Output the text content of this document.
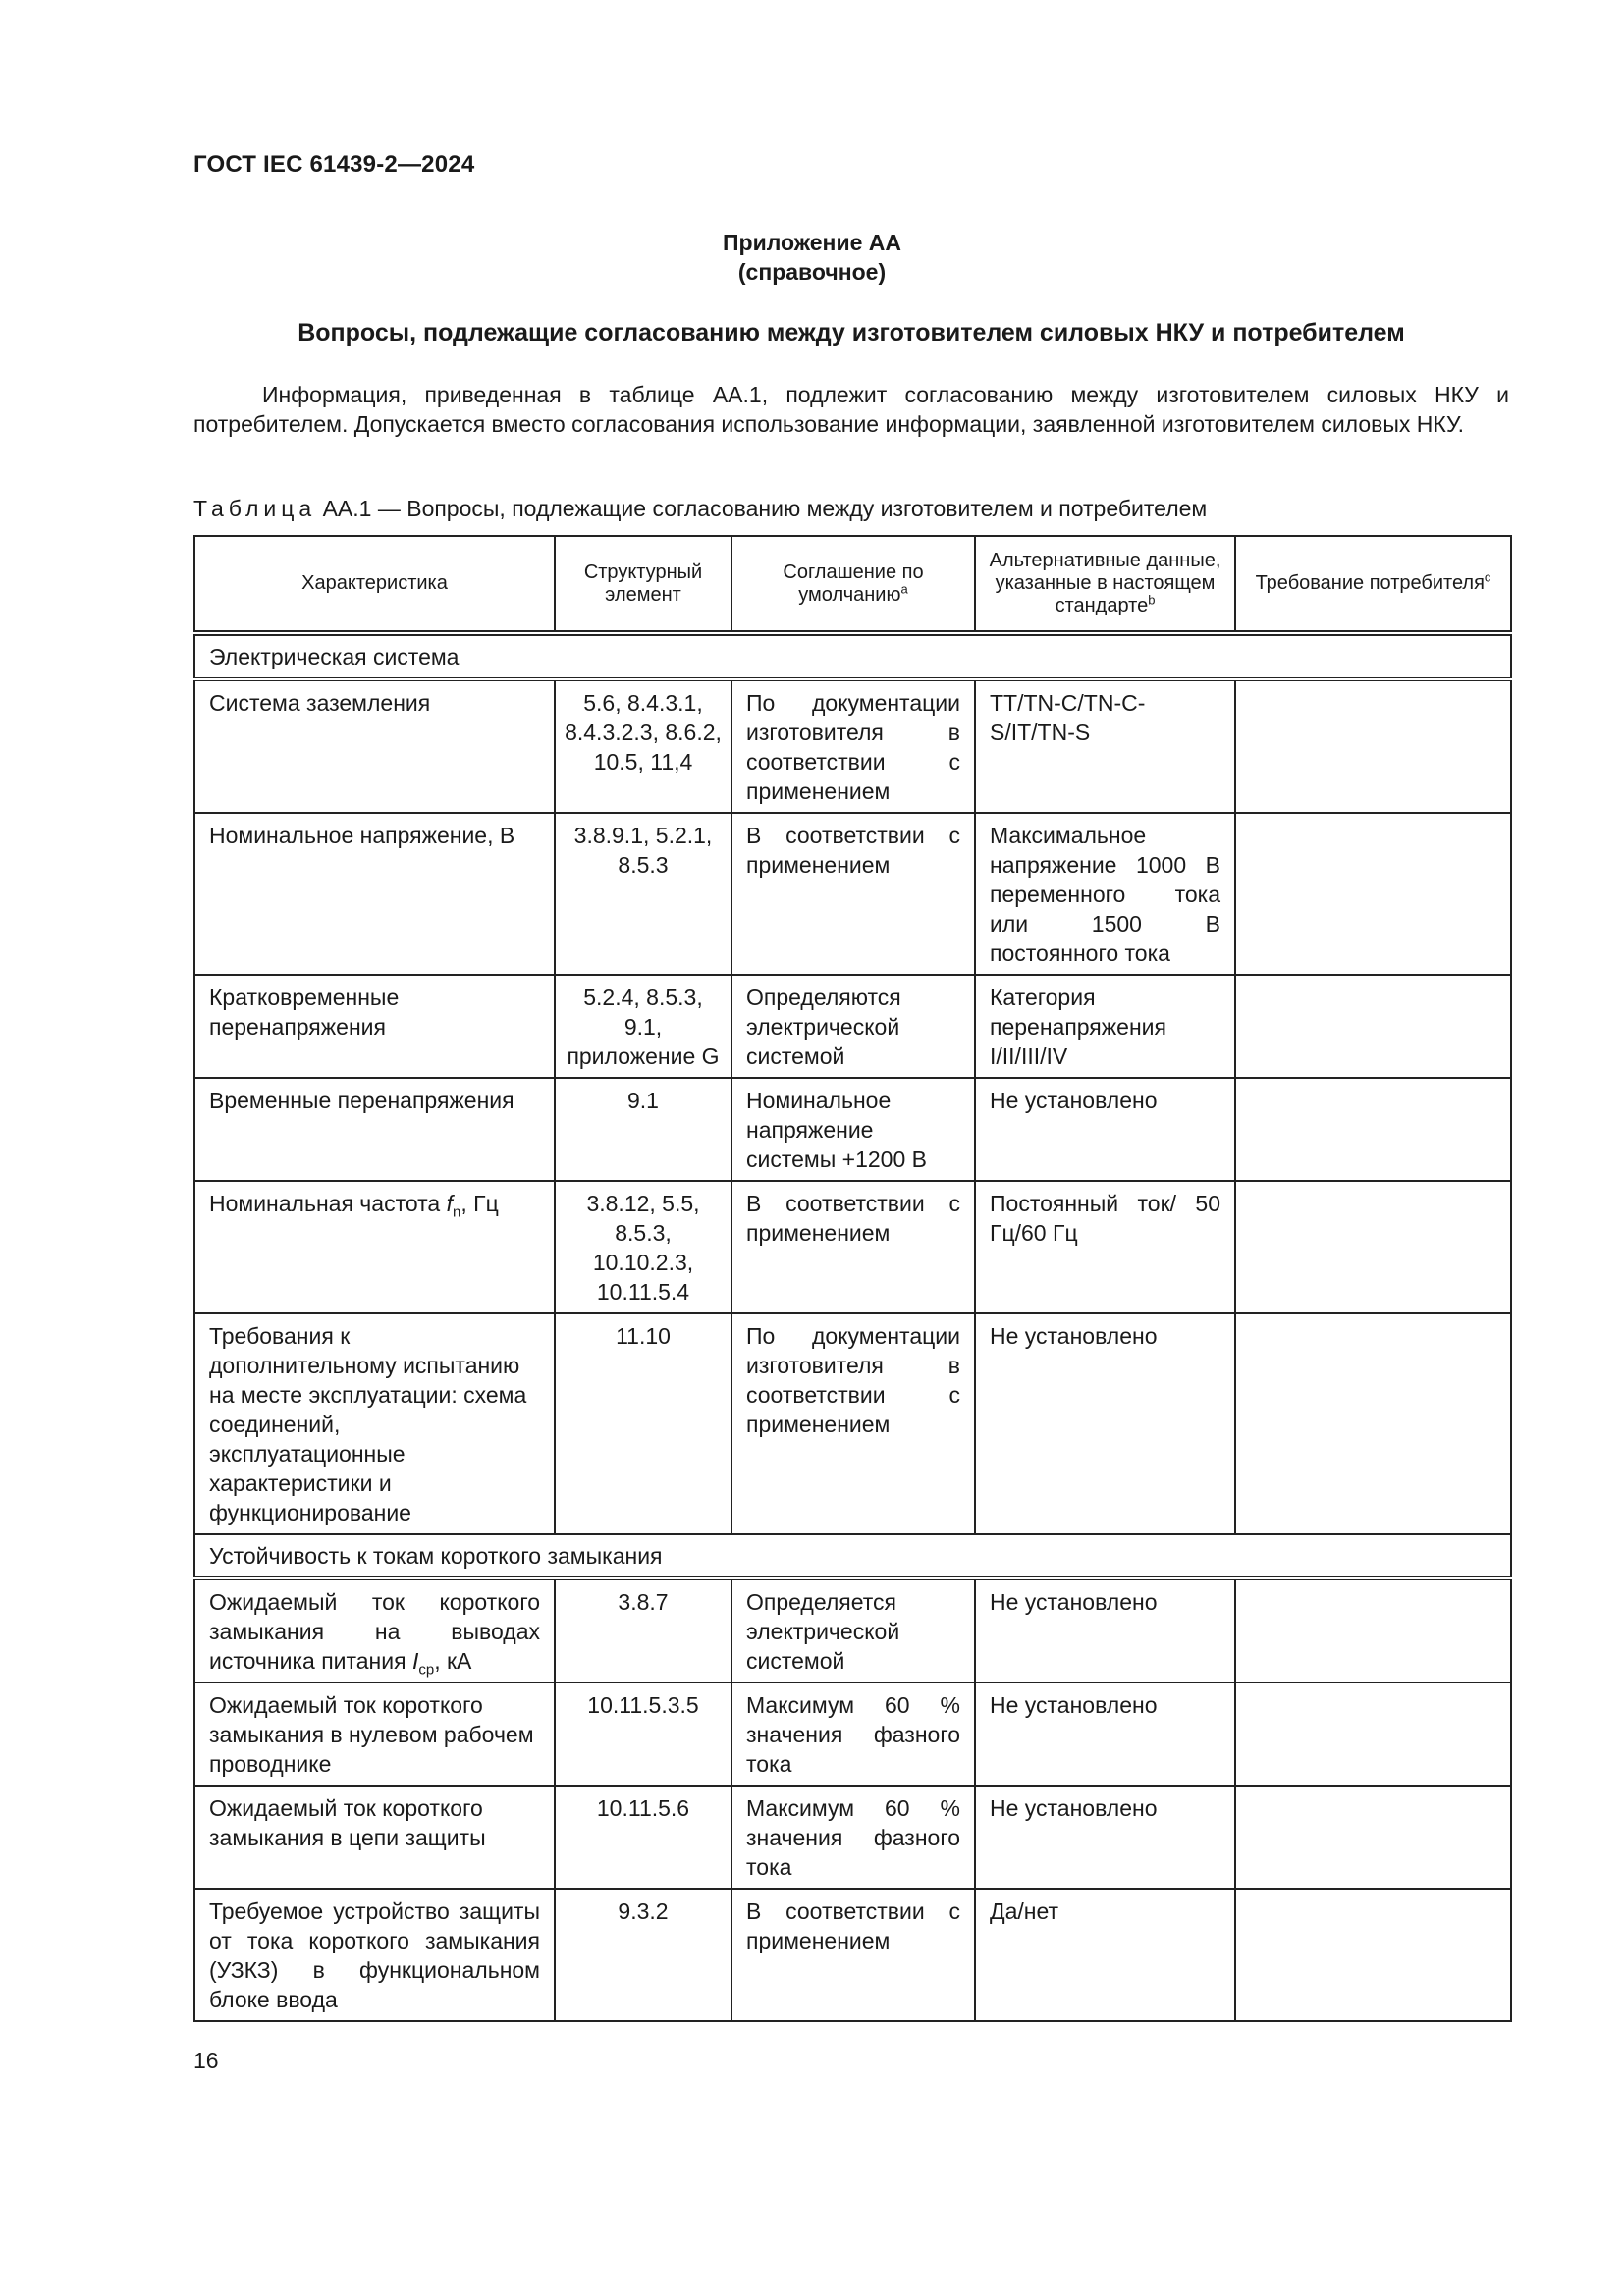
ГОСТ IEC 61439-2—2024
Приложение АА
(справочное)
Вопросы, подлежащие согласованию между изготовителем силовых НКУ и потребителем
Информация, приведенная в таблице АА.1, подлежит согласованию между изготовителем силовых НКУ и потребителем. Допускается вместо согласования использование информации, заявленной изготовителем силовых НКУ.
Таблица АА.1 — Вопросы, подлежащие согласованию между изготовителем и потребителем
Характеристика	Структурный элемент	Соглашение по умолчанию$^a$	Альтернативные данные, указанные в настоящем стандарте$^b$	Требование потребителя$^c$
Электрическая система				
Система заземления	5.6, 8.4.3.1, 8.4.3.2.3, 8.6.2, 10.5, 11,4	По документации изготовителя в соответствии с применением	TT/TN-C/TN-C-S/IT/TN-S	
Номинальное напряжение, В	3.8.9.1, 5.2.1, 8.5.3	В соответствии с применением	Максимальное напряжение 1000 В переменного тока или 1500 В постоянного тока	
Кратковременные перенапряжения	5.2.4, 8.5.3, 9.1, приложение G	Определяются электрической системой	Категория перенапряжения I/II/III/IV	
Временные перенапряжения	9.1	Номинальное напряжение системы +1200 В	Не установлено	
Номинальная частота $f_n$, Гц	3.8.12, 5.5, 8.5.3, 10.10.2.3, 10.11.5.4	В соответствии с применением	Постоянный ток/ 50 Гц/60 Гц	
Требования к дополнительному испытанию на месте эксплуатации: схема соединений, эксплуатационные характеристики и функционирование	11.10	По документации изготовителя в соответствии с применением	Не установлено	
Устойчивость к токам короткого замыкания				
Ожидаемый ток короткого замыкания на выводах источника питания $I_{cp}$, кА	3.8.7	Определяется электрической системой	Не установлено	
Ожидаемый ток короткого замыкания в нулевом рабочем проводнике	10.11.5.3.5	Максимум 60 % значения фазного тока	Не установлено	
Ожидаемый ток короткого замыкания в цепи защиты	10.11.5.6	Максимум 60 % значения фазного тока	Не установлено	
Требуемое устройство защиты от тока короткого замыкания (УЗКЗ) в функциональном блоке ввода	9.3.2	В соответствии с применением	Да/нет	
16
